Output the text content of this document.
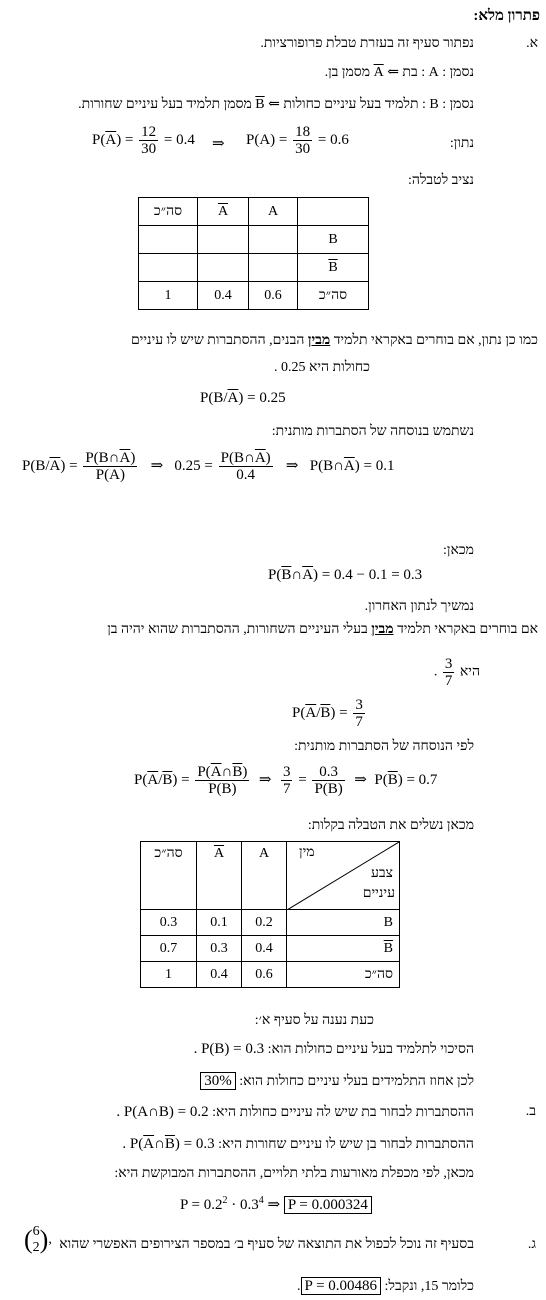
פתרון מלא:
א.
נפתור סעיף זה בעזרת טבלת פרופורציות.
נסמן : A : בת ⇐ A מסמן בן.
נסמן : B : תלמיד בעל עיניים כחולות ⇐ B מסמן תלמיד בעל עיניים שחורות.
נתון:
$P(\overline{A}) = \frac{12}{30} = 0.4$ ⇒ $P(A) = \frac{18}{30} = 0.6$
נציב לטבלה:
סה״כ	$\overline{A}$	A	
			B
			$\overline{B}$
1	0.4	0.6	סה״כ
כמו כן נתון, אם בוחרים באקראי תלמיד מבין הבנים, ההסתברות שיש לו עיניים
כחולות היא 0.25 .
$P(B/\overline{A}) = 0.25$
נשתמש בנוסחה של הסתברות מותנית:
$P(B/\overline{A}) = \frac{P(B\cap\overline{A})}{P(\overline{A})}$ ⇒   $0.25 = \frac{P(B\cap\overline{A})}{0.4}$ ⇒   $P(B\cap\overline{A}) = 0.1$
מכאן:
$P(\overline{B}\cap\overline{A}) = 0.4 - 0.1 = 0.3$
נמשיך לנתון האחרון.
אם בוחרים באקראי תלמיד מבין בעלי העיניים השחורות, ההסתברות שהוא יהיה בן
היא
$\frac{3}{7}$
.
$P(\overline{A}/\overline{B}) = \frac{3}{7}$
לפי הנוסחה של הסתברות מותנית:
$P(\overline{A}/\overline{B}) = \frac{P(\overline{A}\cap\overline{B})}{P(\overline{B})}$ ⇒ $\frac{3}{7} = \frac{0.3}{P(\overline{B})}$ ⇒  $P(\overline{B}) = 0.7$
מכאן נשלים את הטבלה בקלות:
סה״כ	$\overline{A}$	A	מין
צבע
עיניים

0.3	0.1	0.2	B
0.7	0.3	0.4	$\overline{B}$
1	0.4	0.6	סה״כ
כעת נענה על סעיף א׳:
הסיכוי לתלמיד בעל עיניים כחולות הוא: P(B) = 0.3 .
לכן אחוז התלמידים בעלי עיניים כחולות הוא: 30%
ב.
ההסתברות לבחור בת שיש לה עיניים כחולות היא: P(A∩B) = 0.2 .
ההסתברות לבחור בן שיש לו עיניים שחורות היא: $P(\overline{A}\cap\overline{B}) = 0.3$ .
מכאן, לפי מכפלת מאורעות בלתי תלויים, ההסתברות המבוקשת היא:
$P = 0.2^2 \cdot 0.3^4$ ⇒ P = 0.000324
ג.
בסעיף זה נוכל לכפול את התוצאה של סעיף ב׳ במספר הצירופים האפשרי שהוא
(6
2),
כלומר 15, ונקבל: P = 0.00486.
